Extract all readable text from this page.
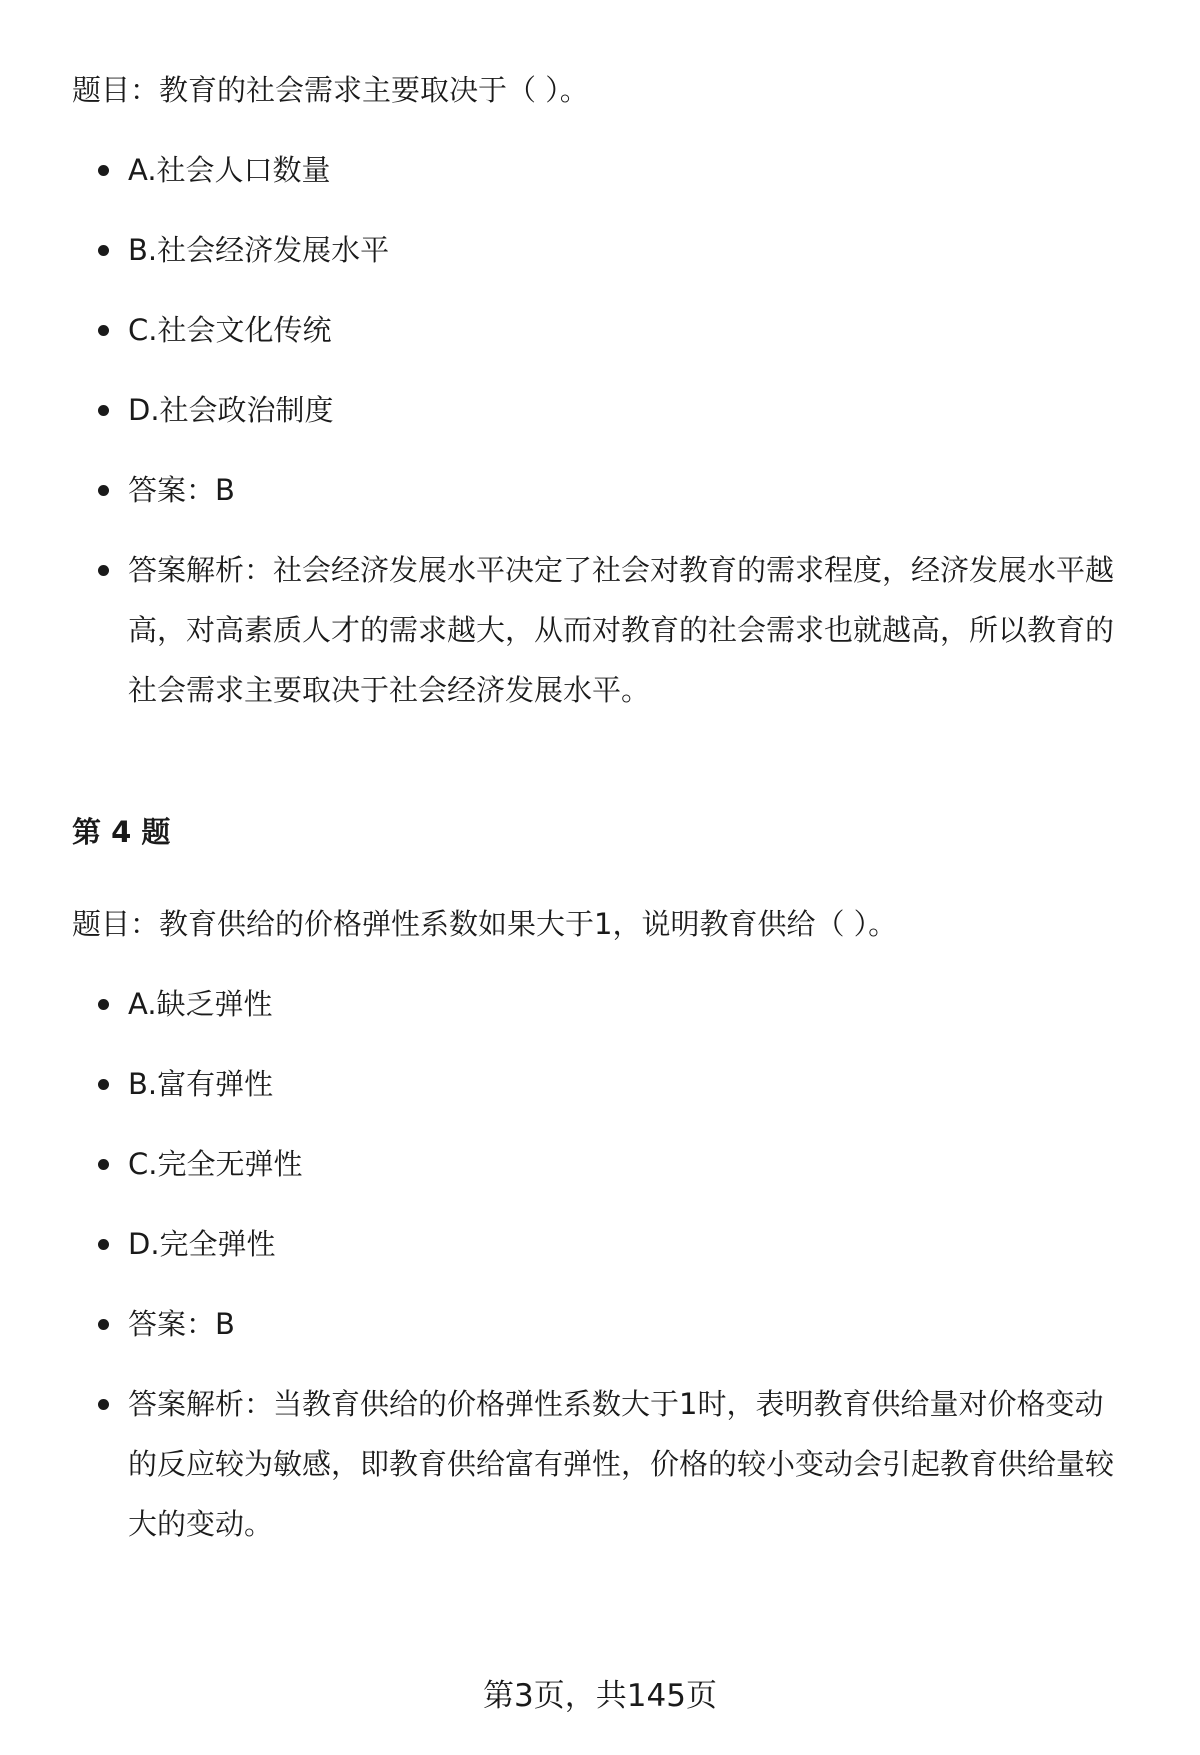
题目：教育的社会需求主要取决于（ ）。
A.社会人口数量
B.社会经济发展水平
C.社会文化传统
D.社会政治制度
答案：B
答案解析：社会经济发展水平决定了社会对教育的需求程度，经济发展水平越
高，对高素质人才的需求越大，从而对教育的社会需求也就越高，所以教育的
社会需求主要取决于社会经济发展水平。
第 4 题
题目：教育供给的价格弹性系数如果大于1，说明教育供给（ ）。
A.缺乏弹性
B.富有弹性
C.完全无弹性
D.完全弹性
答案：B
答案解析：当教育供给的价格弹性系数大于1时，表明教育供给量对价格变动
的反应较为敏感，即教育供给富有弹性，价格的较小变动会引起教育供给量较
大的变动。
第3页，共145页
